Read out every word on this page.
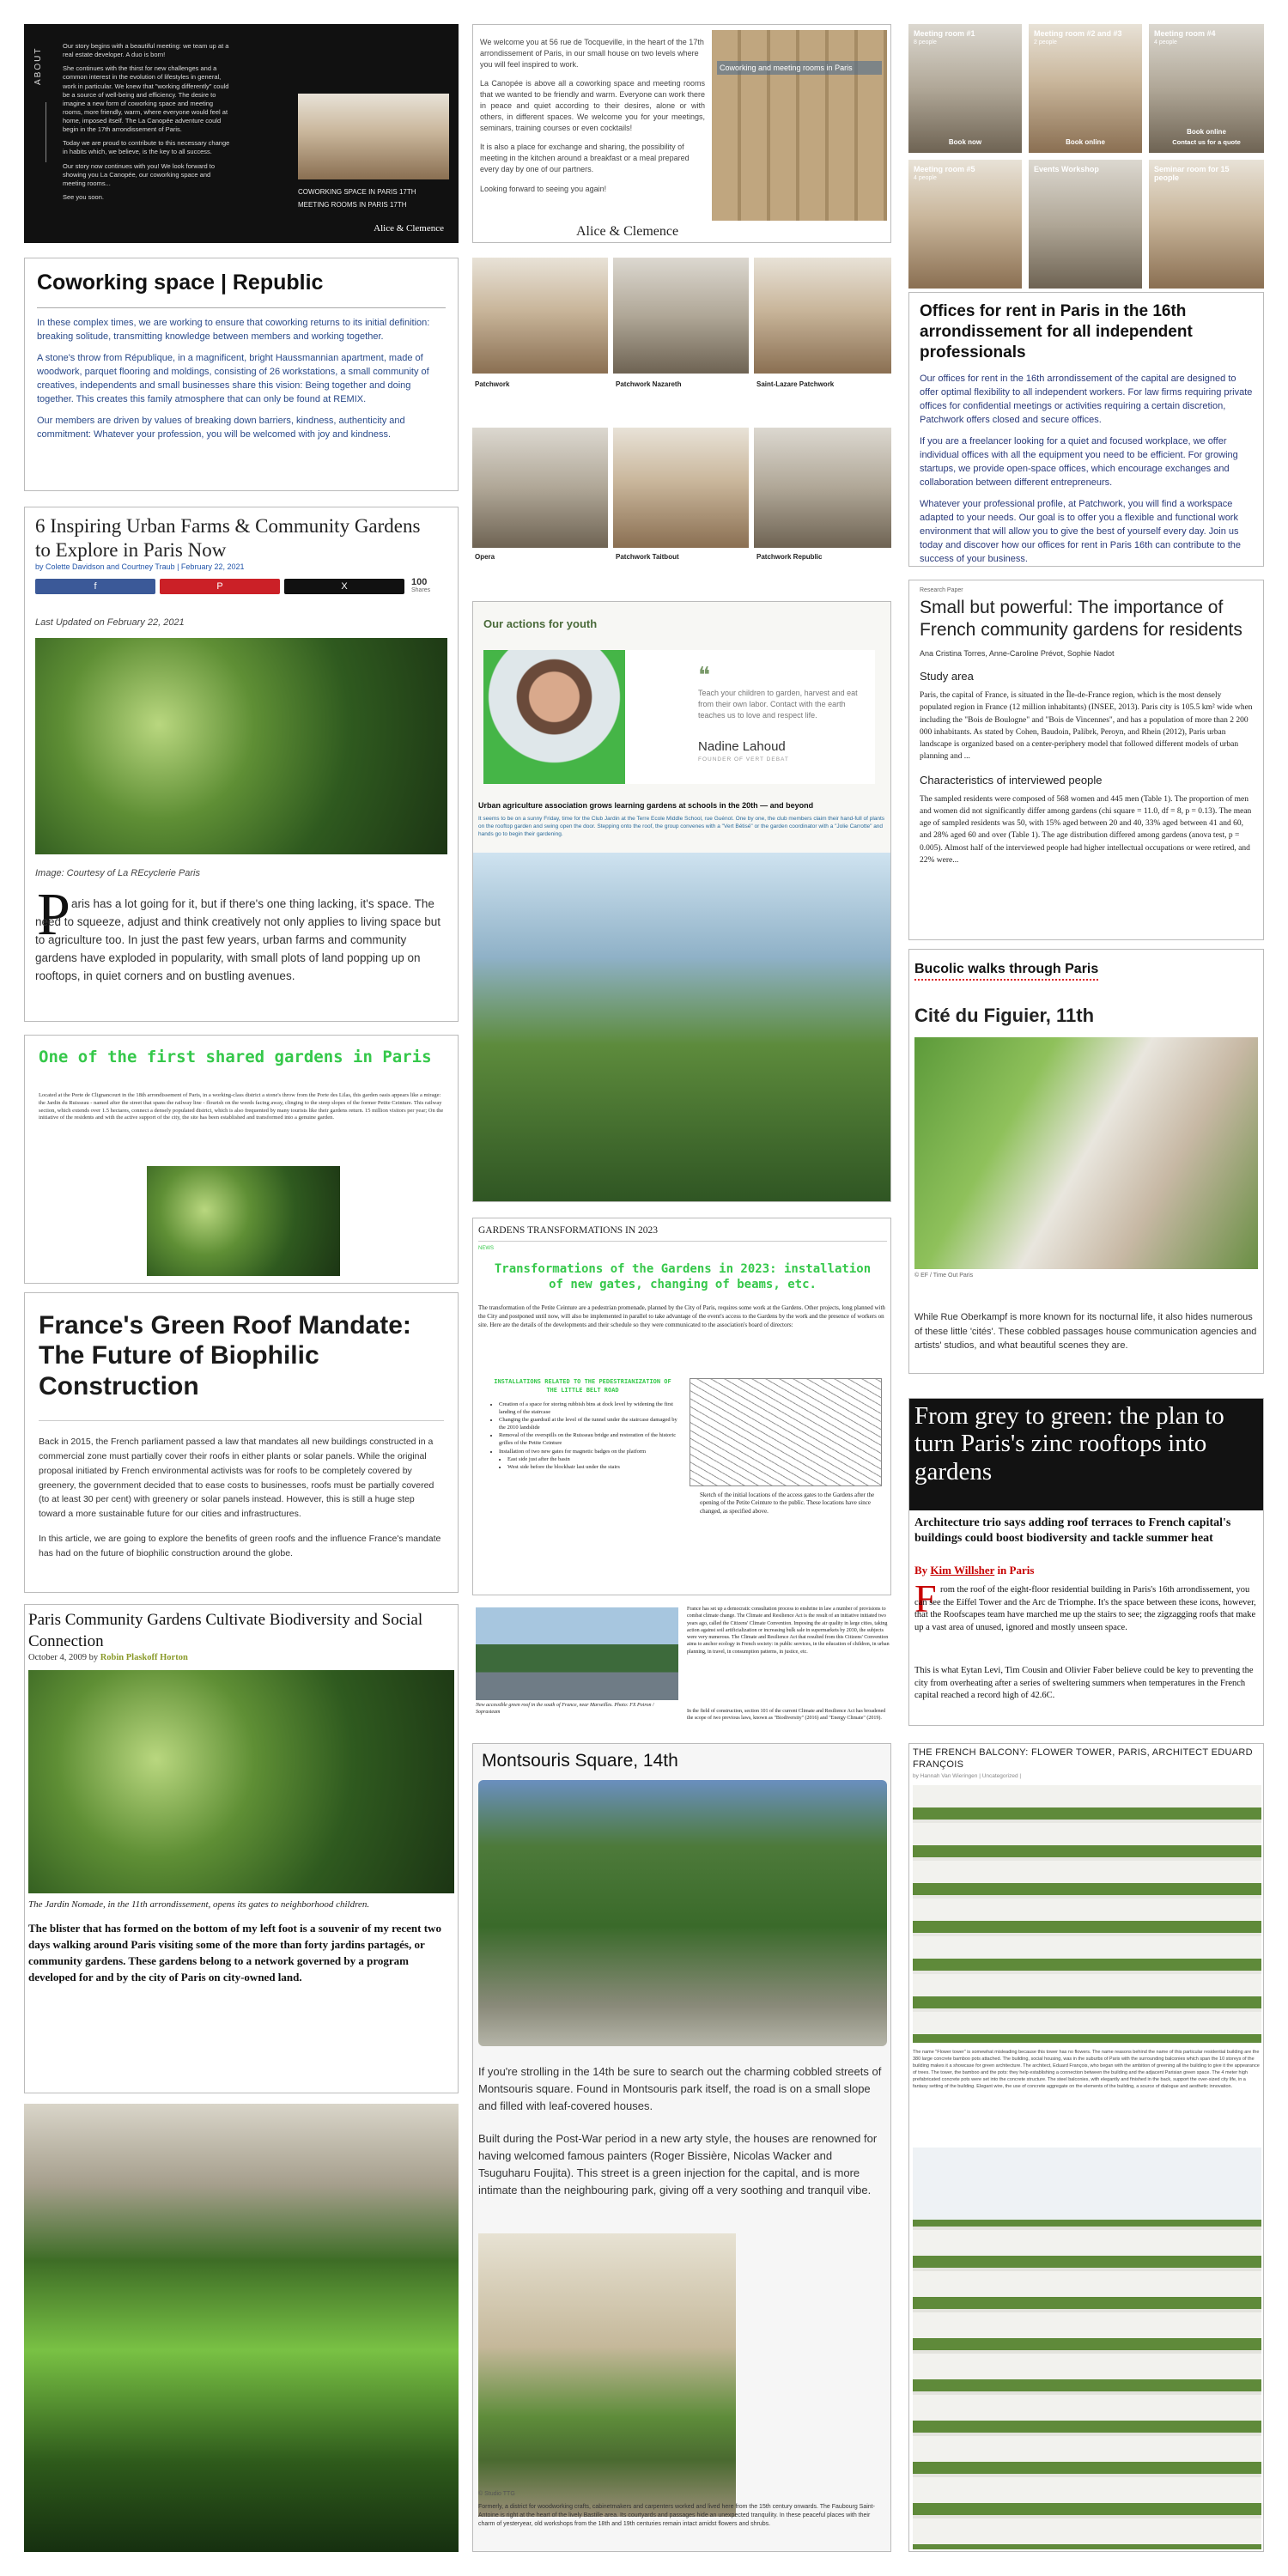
ABOUT

Our story begins with a beautiful meeting: we team up at a real estate developer. A duo is born!

She continues with the thirst for new challenges and a common interest in the evolution of lifestyles in general, work in particular. We knew that "working differently" could be a source of well-being and efficiency. The desire to imagine a new form of coworking space and meeting rooms, more friendly, warm, where everyone would feel at home, imposed itself. The La Canopée adventure could begin in the 17th arrondissement of Paris.

Today we are proud to contribute to this necessary change in habits which, we believe, is the key to all success.

Our story now continues with you! We look forward to showing you La Canopée, our coworking space and meeting rooms...

See you soon.

COWORKING SPACE IN PARIS 17TH
MEETING ROOMS IN PARIS 17TH
Alice & Clemence
Coworking space | Republic

In these complex times, we are working to ensure that coworking returns to its initial definition: breaking solitude, transmitting knowledge between members and working together.

A stone's throw from République, in a magnificent, bright Haussmannian apartment, made of woodwork, parquet flooring and moldings, consisting of 26 workstations, a small community of creatives, independents and small businesses share this vision: Being together and doing together. This creates this family atmosphere that can only be found at REMIX.

Our members are driven by values of breaking down barriers, kindness, authenticity and commitment: Whatever your profession, you will be welcomed with joy and kindness.

6 Inspiring Urban Farms & Community Gardens to Explore in Paris Now
by Colette Davidson and Courtney Traub | February 22, 2021
f	P	X	100
Shares
Last Updated on February 22, 2021
Image: Courtesy of La REcyclerie Paris
P aris has a lot going for it, but if there's one thing lacking, it's space. The need to squeeze, adjust and think creatively not only applies to living space but to agriculture too. In just the past few years, urban farms and community gardens have exploded in popularity, with small plots of land popping up on rooftops, in quiet corners and on bustling avenues.

One of the first shared gardens in Paris

Located at the Porte de Clignancourt in the 18th arrondissement of Paris, in a working-class district a stone's throw from the Porte des Lilas, this garden oasis appears like a mirage: the Jardin du Ruisseau - named after the street that spans the railway line - flourish on the weeds facing away, clinging to the steep slopes of the former Petite Ceinture. This railway section, which extends over 1.5 hectares, connect a densely populated district, which is also frequented by many tourists like their gardens return. 15 million visitors per year; On the initiative of the residents and with the active support of the city, the site has been established and transformed into a genuine garden.

France's Green Roof Mandate: The Future of Biophilic Construction

Back in 2015, the French parliament passed a law that mandates all new buildings constructed in a commercial zone must partially cover their roofs in either plants or solar panels. While the original proposal initiated by French environmental activists was for roofs to be completely covered by greenery, the government decided that to ease costs to businesses, roofs must be partially covered (to at least 30 per cent) with greenery or solar panels instead. However, this is still a huge step toward a more sustainable future for our cities and infrastructures.

In this article, we are going to explore the benefits of green roofs and the influence France's mandate has had on the future of biophilic construction around the globe.

Paris Community Gardens Cultivate Biodiversity and Social Connection
October 4, 2009 by Robin Plaskoff Horton
The Jardin Nomade, in the 11th arrondissement, opens its gates to neighborhood children.

The blister that has formed on the bottom of my left foot is a souvenir of my recent two days walking around Paris visiting some of the more than forty jardins partagés, or community gardens. These gardens belong to a network governed by a program developed for and by the city of Paris on city-owned land.

We welcome you at 56 rue de Tocqueville, in the heart of the 17th arrondissement of Paris, in our small house on two levels where you will feel inspired to work.

La Canopée is above all a coworking space and meeting rooms that we wanted to be friendly and warm. Everyone can work there in peace and quiet according to their desires, alone or with others, in different spaces. We welcome you for your meetings, seminars, training courses or even cocktails!

It is also a place for exchange and sharing, the possibility of meeting in the kitchen around a breakfast or a meal prepared every day by one of our partners.

Looking forward to seeing you again!

Coworking and meeting rooms in Paris
Alice & Clemence
Patchwork	Patchwork Nazareth	Saint-Lazare Patchwork
Opera	Patchwork Taitbout	Patchwork Republic
Our actions for youth
❝

Teach your children to garden, harvest and eat from their own labor. Contact with the earth teaches us to love and respect life.

Nadine Lahoud
FOUNDER OF VERT DEBAT
Urban agriculture association grows learning gardens at schools in the 20th — and beyond

It seems to be on a sunny Friday, time for the Club Jardin at the Terre Ecole Middle School, rue Guénot. One by one, the club members claim their hand-full of plants on the rooftop garden and swing open the door. Stepping onto the roof, the group convenes with a "Vert Bétisé" or the garden coordinator with a "Jolie Carrotte" and hands go to begin their gardening.

GARDENS TRANSFORMATIONS IN 2023
NEWS
Transformations of the Gardens in 2023: installation of new gates, changing of beams, etc.

The transformation of the Petite Ceinture are a pedestrian promenade, planned by the City of Paris, requires some work at the Gardens. Other projects, long planned with the City and postponed until now, will also be implemented in parallel to take advantage of the event's access to the Gardens by the work and the presence of workers on site. Here are the details of the developments and their schedule so they were communicated to the association's board of directors:

INSTALLATIONS RELATED TO THE PEDESTRIANIZATION OF THE LITTLE BELT ROAD
• Creation of a space for storing rubbish bins at dock level by widening the first landing of the staircase
• Changing the guardrail at the level of the tunnel under the staircase damaged by the 2010 landslide
• Removal of the overspills on the Ruisseau bridge and restoration of the historic grilles of the Petite Ceinture
• Installation of two new gates for magnetic badges on the platform
• East side just after the basin
• West side before the blockhair last under the stairs

Sketch of the initial locations of the access gates to the Gardens after the opening of the Petite Ceinture to the public. These locations have since changed, as specified above.

New accessible green roof in the south of France, near Marseilles. Photo: FX Poiron / Soprasteam

France has set up a democratic consultation process to enshrine in law a number of provisions to combat climate change. The Climate and Resilience Act is the result of an initiative initiated two years ago, called the Citizens' Climate Convention. Imposing the air quality in large cities, taking action against soil artificialization or increasing bulk sale in supermarkets by 2030, the subjects were very numerous. The Climate and Resilience Act that resulted from this Citizens' Convention aims to anchor ecology in French society: in public services, in the education of children, in urban planning, in travel, in consumption patterns, in justice, etc.

In the field of construction, section 101 of the current Climate and Resilience Act has broadened the scope of two previous laws, known as "Biodiversity" (2016) and "Energy Climate" (2019).

Montsouris Square, 14th

If you're strolling in the 14th be sure to search out the charming cobbled streets of Montsouris square. Found in Montsouris park itself, the road is on a small slope and filled with leaf-covered houses.

Built during the Post-War period in a new arty style, the houses are renowned for having welcomed famous painters (Roger Bissière, Nicolas Wacker and Tsuguharu Foujita). This street is a green injection for the capital, and is more intimate than the neighbouring park, giving off a very soothing and tranquil vibe.

© Studio TTG

Formerly, a district for woodworking crafts, cabinetmakers and carpenters worked and lived here from the 15th century onwards. The Faubourg Saint-Antoine is right at the heart of the lively Bastille area. Its courtyards and passages hide an unexpected tranquility. In these peaceful places with their charm of yesteryear, old workshops from the 18th and 19th centuries remain intact amidst flowers and shrubs.

Meeting room #1
8 people
Book now
Meeting room #2 and #3
2 people
Book online
Meeting room #4
4 people
Book online
Contact us for a quote
Meeting room #5
4 people
Events Workshop	Seminar room for 15 people
Offices for rent in Paris in the 16th arrondissement for all independent professionals

Our offices for rent in the 16th arrondissement of the capital are designed to offer optimal flexibility to all independent workers. For law firms requiring private offices for confidential meetings or activities requiring a certain discretion, Patchwork offers closed and secure offices.

If you are a freelancer looking for a quiet and focused workplace, we offer individual offices with all the equipment you need to be efficient. For growing startups, we provide open-space offices, which encourage exchanges and collaboration between different entrepreneurs.

Whatever your professional profile, at Patchwork, you will find a workspace adapted to your needs. Our goal is to offer you a flexible and functional work environment that will allow you to give the best of yourself every day. Join us today and discover how our offices for rent in Paris 16th can contribute to the success of your business.

Research Paper
Small but powerful: The importance of French community gardens for residents
Ana Cristina Torres, Anne-Caroline Prévot, Sophie Nadot
Study area

Paris, the capital of France, is situated in the Île-de-France region, which is the most densely populated region in France (12 million inhabitants) (INSEE, 2013). Paris city is 105.5 km² wide when including the "Bois de Boulogne" and "Bois de Vincennes", and has a population of more than 2 200 000 inhabitants. As stated by Cohen, Baudoin, Palibrk, Peroyn, and Rhein (2012), Paris urban landscape is organized based on a center-periphery model that followed different models of urban planning and ...

Characteristics of interviewed people

The sampled residents were composed of 568 women and 445 men (Table 1). The proportion of men and women did not significantly differ among gardens (chi square = 11.0, df = 8, p = 0.13). The mean age of sampled residents was 50, with 15% aged between 20 and 40, 33% aged between 41 and 60, and 28% aged 60 and over (Table 1). The age distribution differed among gardens (anova test, p = 0.005). Almost half of the interviewed people had higher intellectual occupations or were retired, and 22% were...

Bucolic walks through Paris
Cité du Figuier, 11th
© EF / Time Out Paris

While Rue Oberkampf is more known for its nocturnal life, it also hides numerous of these little 'cités'. These cobbled passages house communication agencies and artists' studios, and what beautiful scenes they are.

From grey to green: the plan to turn Paris's zinc rooftops into gardens

Architecture trio says adding roof terraces to French capital's buildings could boost biodiversity and tackle summer heat

By Kim Willsher in Paris
F rom the roof of the eight-floor residential building in Paris's 16th arrondissement, you can see the Eiffel Tower and the Arc de Triomphe. It's the space between these icons, however, that the Roofscapes team have marched me up the stairs to see; the zigzagging roofs that make up a vast area of unused, ignored and mostly unseen space.

This is what Eytan Levi, Tim Cousin and Olivier Faber believe could be key to preventing the city from overheating after a series of sweltering summers when temperatures in the French capital reached a record high of 42.6C.

THE FRENCH BALCONY: FLOWER TOWER, PARIS, ARCHITECT EDUARD FRANÇOIS
by Hannah Van Wieringen | Uncategorized |

The name "Flower tower" is somewhat misleading because this tower has no flowers. The name reasons behind the name of this particular residential building are the 380 large concrete bamboo pots attached. The building, social housing, was in the suburbs of Paris with the surrounding balconies which span the 10 storeys of the building makes it a showcase for green architecture. The architect, Eduard François, who began with the ambition of greening all the building to give it the appearance of trees. The tower, the bamboo and the pots: they help establishing a connection between the building and the adjacent Parisian green space. The 4 meter high prefabricated concrete pots were set into the concrete structure. The steel balconies, with elegantly and finished in the back, support the over-sized city life, in a fantasy setting of the building. Elegant wire, the use of concrete aggregate on the elements of the building, a source of dialogue and aesthetic innovation.
